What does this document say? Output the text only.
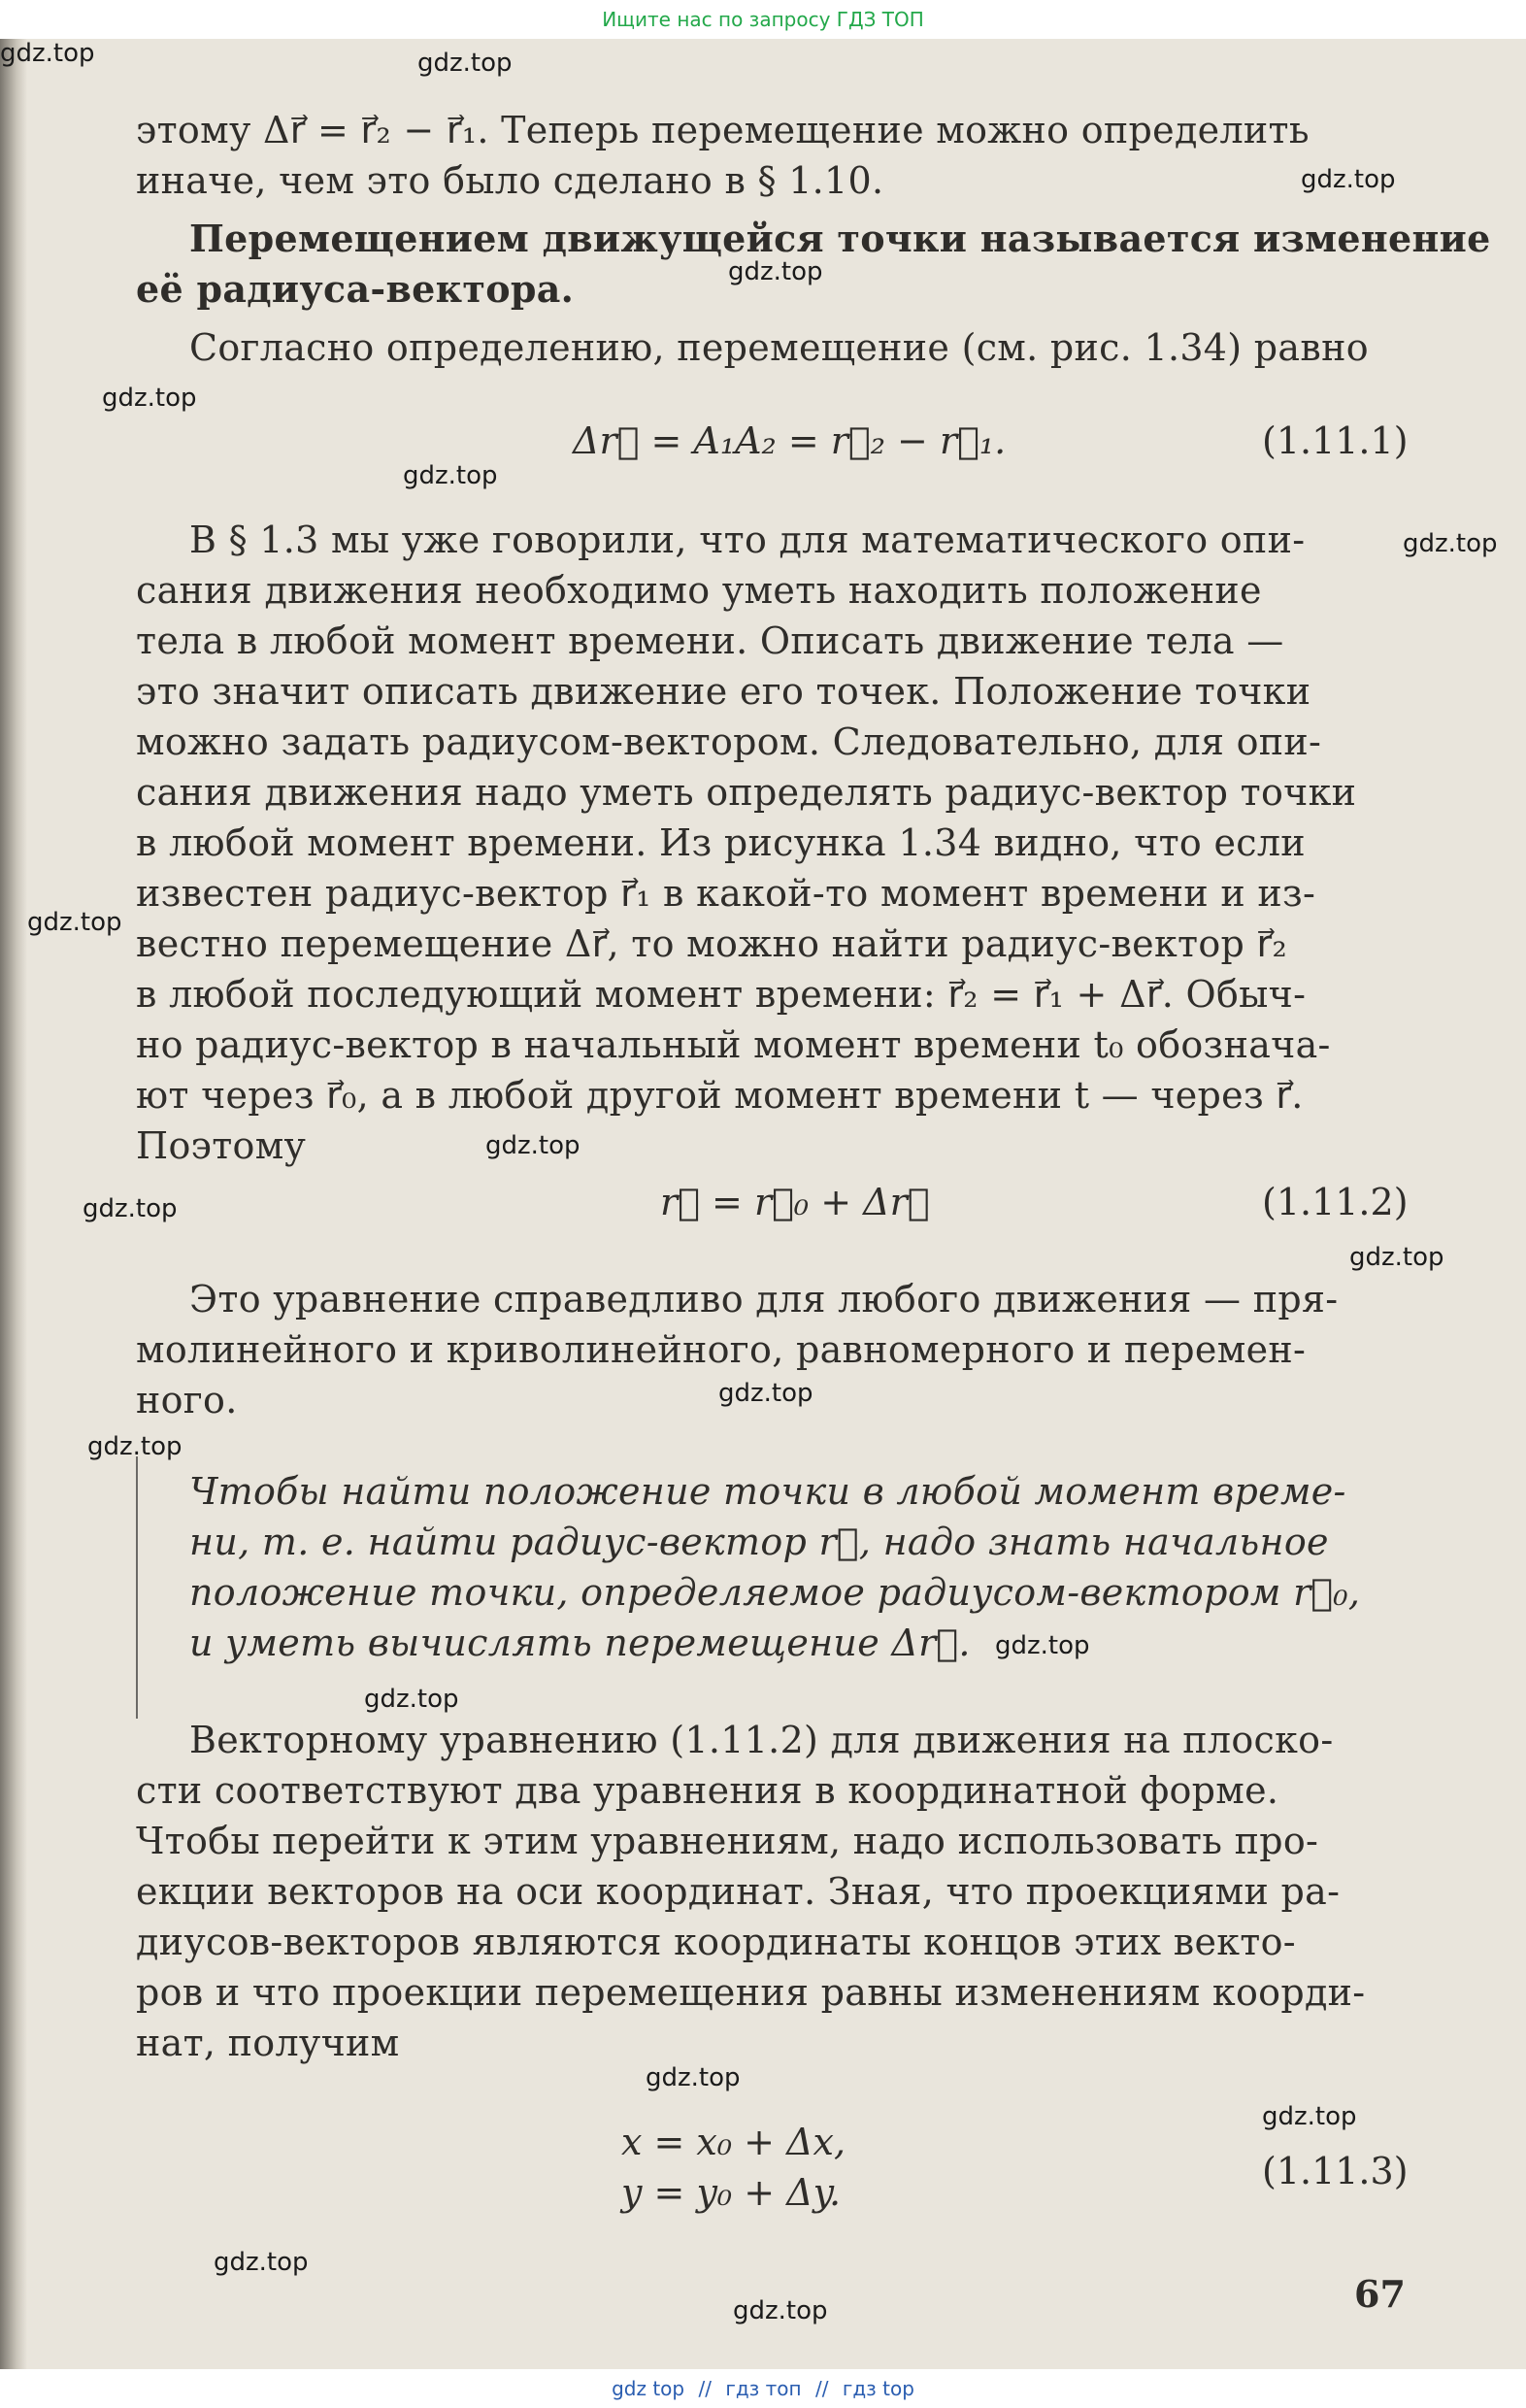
Ищите нас по запросу ГДЗ ТОП
этому Δr⃗ = r⃗₂ − r⃗₁. Теперь перемещение можно определить
иначе, чем это было сделано в § 1.10.
Перемещением движущейся точки называется изменение
её радиуса-вектора.
Согласно определению, перемещение (см. рис. 1.34) равно
Δr⃗ = A₁A₂ = r⃗₂ − r⃗₁.	(1.11.1)
В § 1.3 мы уже говорили, что для математического опи-
сания движения необходимо уметь находить положение
тела в любой момент времени. Описать движение тела —
это значит описать движение его точек. Положение точки
можно задать радиусом-вектором. Следовательно, для опи-
сания движения надо уметь определять радиус-вектор точки
в любой момент времени. Из рисунка 1.34 видно, что если
известен радиус-вектор r⃗₁ в какой-то момент времени и из-
вестно перемещение Δr⃗, то можно найти радиус-вектор r⃗₂
в любой последующий момент времени: r⃗₂ = r⃗₁ + Δr⃗. Обыч-
но радиус-вектор в начальный момент времени t₀ обознача-
ют через r⃗₀, а в любой другой момент времени t — через r⃗.
Поэтому
r⃗ = r⃗₀ + Δr⃗	(1.11.2)
Это уравнение справедливо для любого движения — пря-
молинейного и криволинейного, равномерного и перемен-
ного.
Чтобы найти положение точки в любой момент време-
ни, т. е. найти радиус-вектор r⃗, надо знать начальное
положение точки, определяемое радиусом-вектором r⃗₀,
и уметь вычислять перемещение Δr⃗.
Векторному уравнению (1.11.2) для движения на плоско-
сти соответствуют два уравнения в координатной форме.
Чтобы перейти к этим уравнениям, надо использовать про-
екции векторов на оси координат. Зная, что проекциями ра-
диусов-векторов являются координаты концов этих векто-
ров и что проекции перемещения равны изменениям коорди-
нат, получим
x = x₀ + Δx,
y = y₀ + Δy.	(1.11.3)
67
gdz.top
gdz.top
gdz.top
gdz.top
gdz.top
gdz.top
gdz.top
gdz.top
gdz.top
gdz.top
gdz.top
gdz.top
gdz.top
gdz.top
gdz.top
gdz.top
gdz.top
gdz.top
gdz.top
gdz top // гдз топ // гдз top
